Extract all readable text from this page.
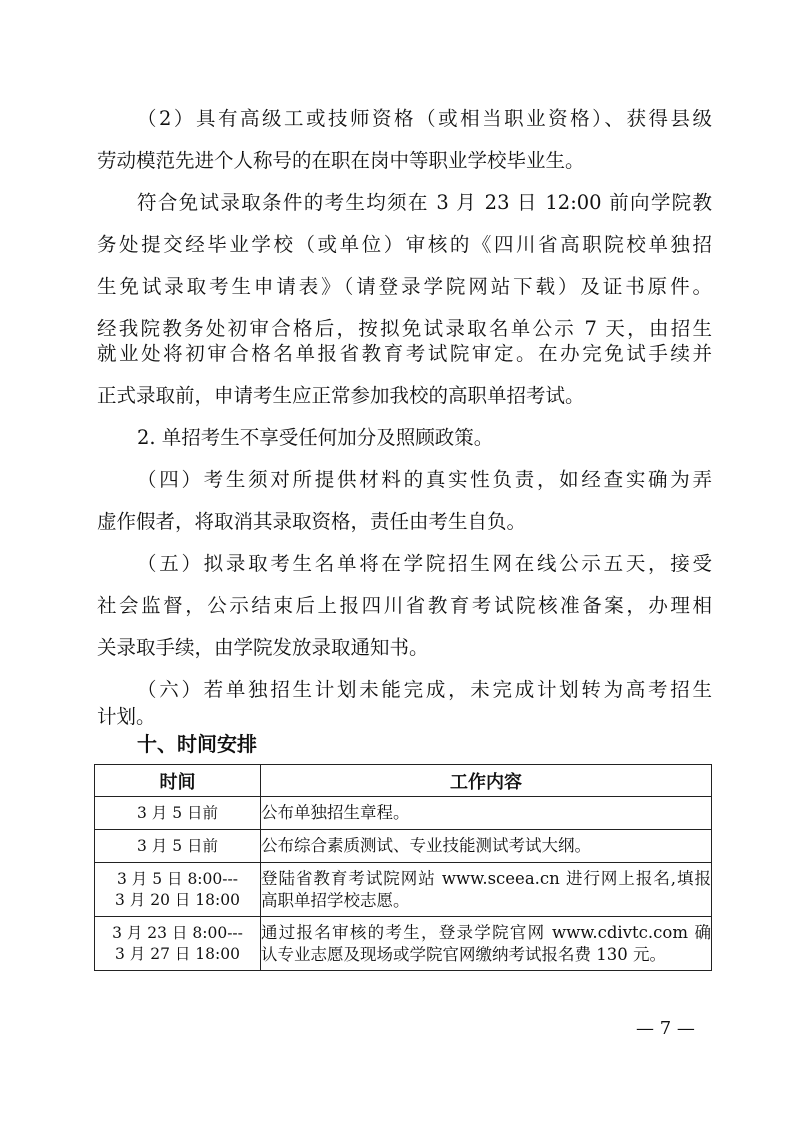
（2）具有高级工或技师资格（或相当职业资格）、获得县级
劳动模范先进个人称号的在职在岗中等职业学校毕业生。
符合免试录取条件的考生均须在 3 月 23 日 12:00 前向学院教
务处提交经毕业学校（或单位）审核的《四川省高职院校单独招
生免试录取考生申请表》（请登录学院网站下载）及证书原件。
经我院教务处初审合格后，按拟免试录取名单公示 7 天，由招生
就业处将初审合格名单报省教育考试院审定。在办完免试手续并
正式录取前，申请考生应正常参加我校的高职单招考试。
2. 单招考生不享受任何加分及照顾政策。
（四）考生须对所提供材料的真实性负责，如经查实确为弄
虚作假者，将取消其录取资格，责任由考生自负。
（五）拟录取考生名单将在学院招生网在线公示五天，接受
社会监督，公示结束后上报四川省教育考试院核准备案，办理相
关录取手续，由学院发放录取通知书。
（六）若单独招生计划未能完成，未完成计划转为高考招生
计划。
十、时间安排
时间	工作内容

3 月 5 日前	公布单独招生章程。

3 月 5 日前	公布综合素质测试、专业技能测试考试大纲。

3 月 5 日 8:00---
3 月 20 日 18:00	登陆省教育考试院网站 www.sceea.cn 进行网上报名,填报
高职单招学校志愿。

3 月 23 日 8:00---
3 月 27 日 18:00	通过报名审核的考生，登录学院官网 www.cdivtc.com 确
认专业志愿及现场或学院官网缴纳考试报名费 130 元。
— 7 —
